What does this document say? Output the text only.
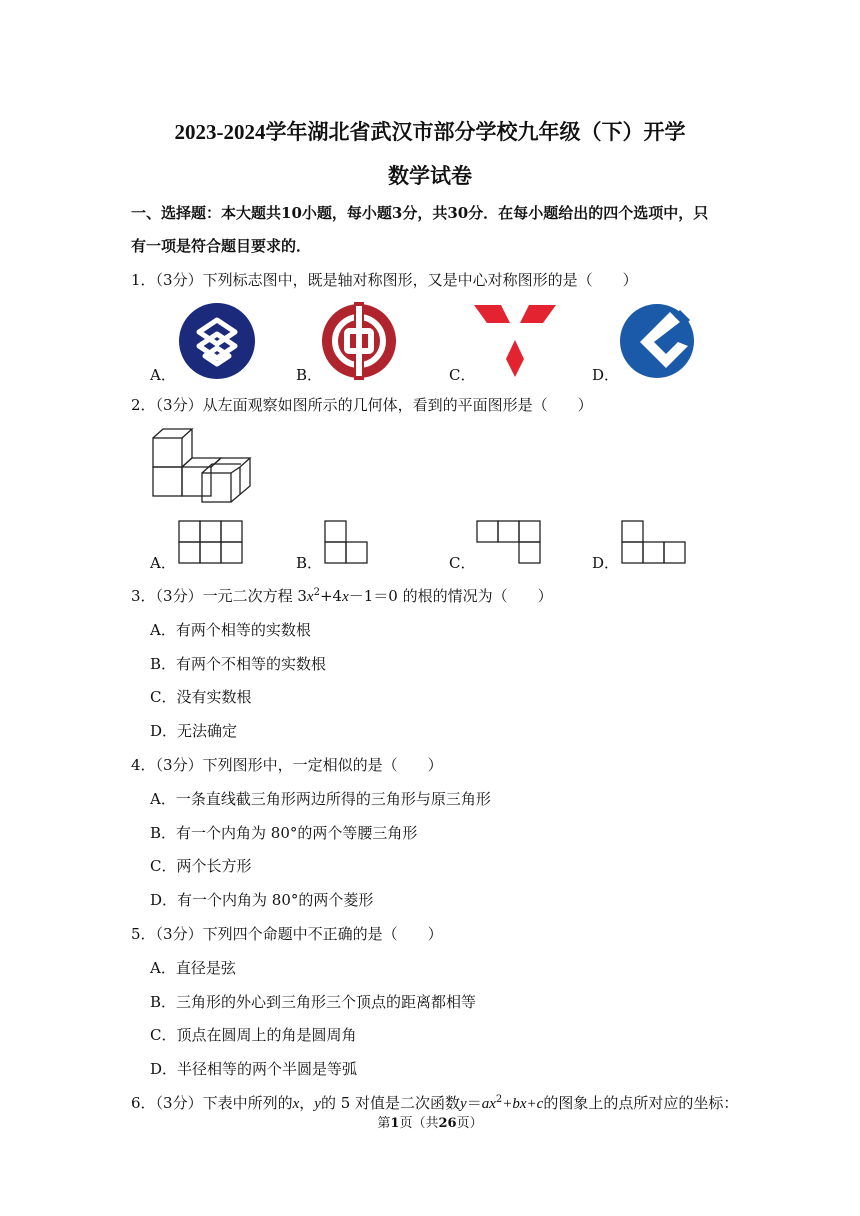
2023-2024学年湖北省武汉市部分学校九年级（下）开学
数学试卷
一、选择题：本大题共10小题，每小题3分，共30分．在每小题给出的四个选项中，只
有一项是符合题目要求的．
1．（3分）下列标志图中，既是轴对称图形，又是中心对称图形的是（　　）
A．	B．	C．	D．
2．（3分）从左面观察如图所示的几何体，看到的平面图形是（　　）
A．	B．	C．	D．
3．（3分）一元二次方程 $3x^2+4x-1=0$ 的根的情况为（　　）
A．有两个相等的实数根
B．有两个不相等的实数根
C．没有实数根
D．无法确定
4．（3分）下列图形中，一定相似的是（　　）
A．一条直线截三角形两边所得的三角形与原三角形
B．有一个内角为 80°的两个等腰三角形
C．两个长方形
D．有一个内角为 80°的两个菱形
5．（3分）下列四个命题中不正确的是（　　）
A．直径是弦
B．三角形的外心到三角形三个顶点的距离都相等
C．顶点在圆周上的角是圆周角
D．半径相等的两个半圆是等弧
6．（3分）下表中所列的x，y的 5 对值是二次函数$y=ax^2+bx+c$的图象上的点所对应的坐标：
第1页（共26页）
